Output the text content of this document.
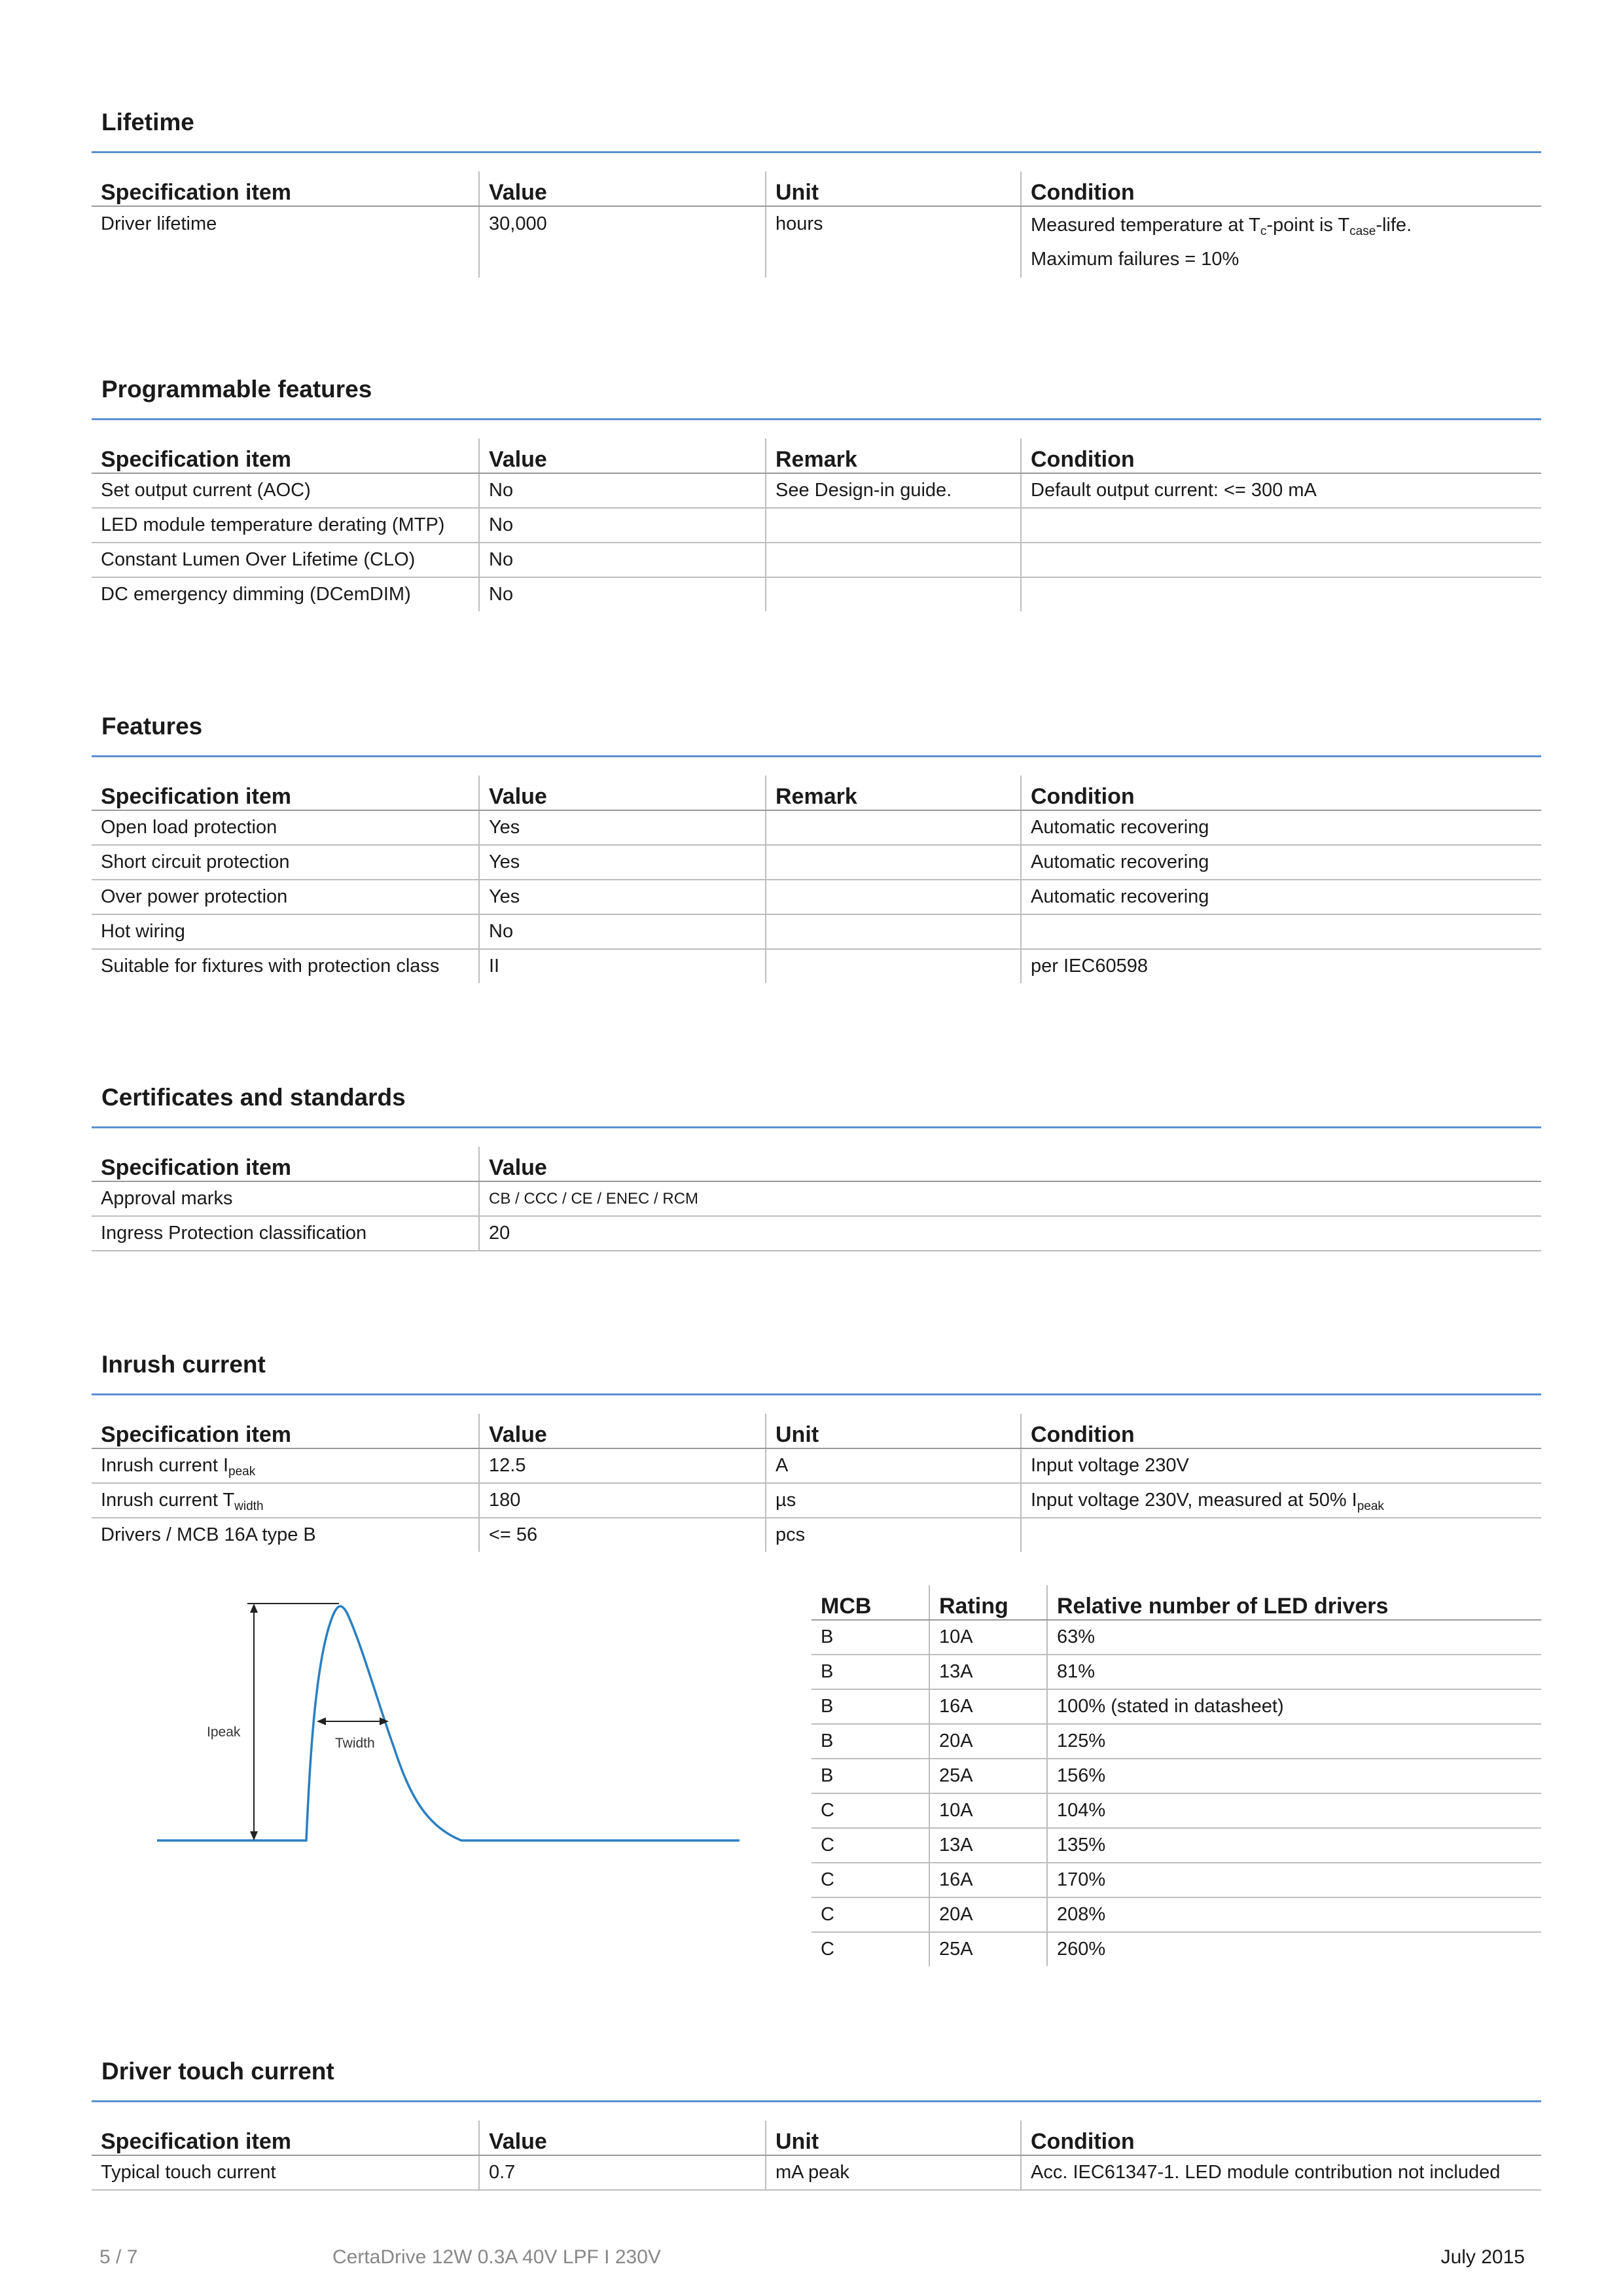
Lifetime
Specification item	Value	Unit	Condition
Driver lifetime	30,000	hours	Measured temperature at $T_c$-point is $T_{case}$-life.
Maximum failures = 10%
Programmable features
Specification item	Value	Remark	Condition
Set output current (AOC)	No	See Design-in guide.	Default output current: <= 300 mA
LED module temperature derating (MTP)	No		
Constant Lumen Over Lifetime (CLO)	No		
DC emergency dimming (DCemDIM)	No		
Features
Specification item	Value	Remark	Condition
Open load protection	Yes		Automatic recovering
Short circuit protection	Yes		Automatic recovering
Over power protection	Yes		Automatic recovering
Hot wiring	No		
Suitable for fixtures with protection class	II		per IEC60598
Certificates and standards
Specification item	Value
Approval marks	CB / CCC / CE / ENEC / RCM
Ingress Protection classification	20
Inrush current
Specification item	Value	Unit	Condition
Inrush current $I_{peak}$	12.5	A	Input voltage 230V
Inrush current $T_{width}$	180	µs	Input voltage 230V, measured at 50% $I_{peak}$
Drivers / MCB 16A type B	<= 56	pcs	
Ipeak
Twidth
MCB	Rating	Relative number of LED drivers
B	10A	63%
B	13A	81%
B	16A	100% (stated in datasheet)
B	20A	125%
B	25A	156%
C	10A	104%
C	13A	135%
C	16A	170%
C	20A	208%
C	25A	260%
Driver touch current
Specification item	Value	Unit	Condition
Typical touch current	0.7	mA peak	Acc. IEC61347-1. LED module contribution not included
5 / 7	CertaDrive 12W 0.3A 40V LPF I 230V	July 2015
